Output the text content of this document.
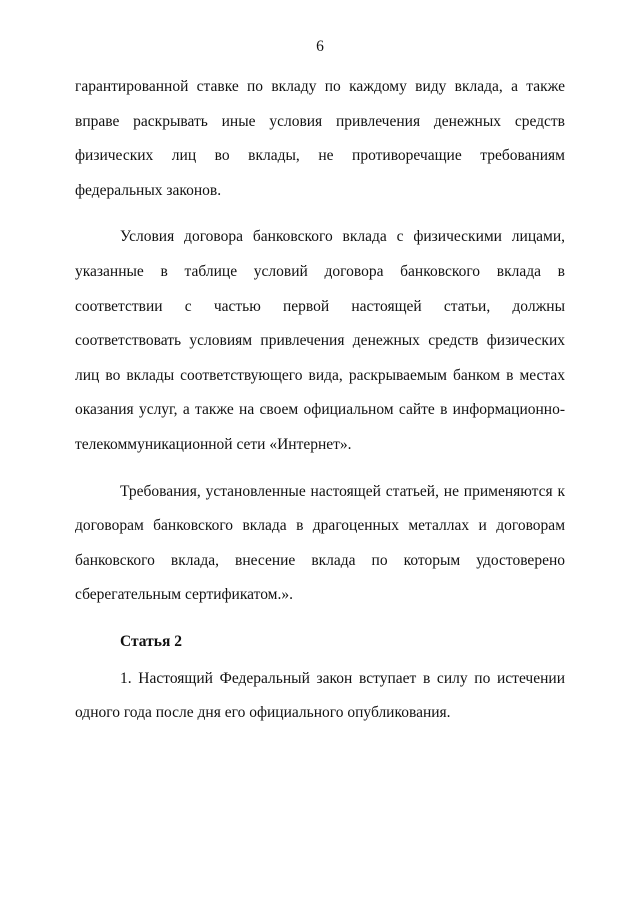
6

гарантированной ставке по вкладу по каждому виду вклада, а также вправе раскрывать иные условия привлечения денежных средств физических лиц во вклады, не противоречащие требованиям федеральных законов.

Условия договора банковского вклада с физическими лицами, указанные в таблице условий договора банковского вклада в соответствии с частью первой настоящей статьи, должны соответствовать условиям привлечения денежных средств физических лиц во вклады соответствующего вида, раскрываемым банком в местах оказания услуг, а также на своем официальном сайте в информационно-телекоммуникационной сети «Интернет».

Требования, установленные настоящей статьей, не применяются к договорам банковского вклада в драгоценных металлах и договорам банковского вклада, внесение вклада по которым удостоверено сберегательным сертификатом.».

Статья 2

1. Настоящий Федеральный закон вступает в силу по истечении одного года после дня его официального опубликования.
